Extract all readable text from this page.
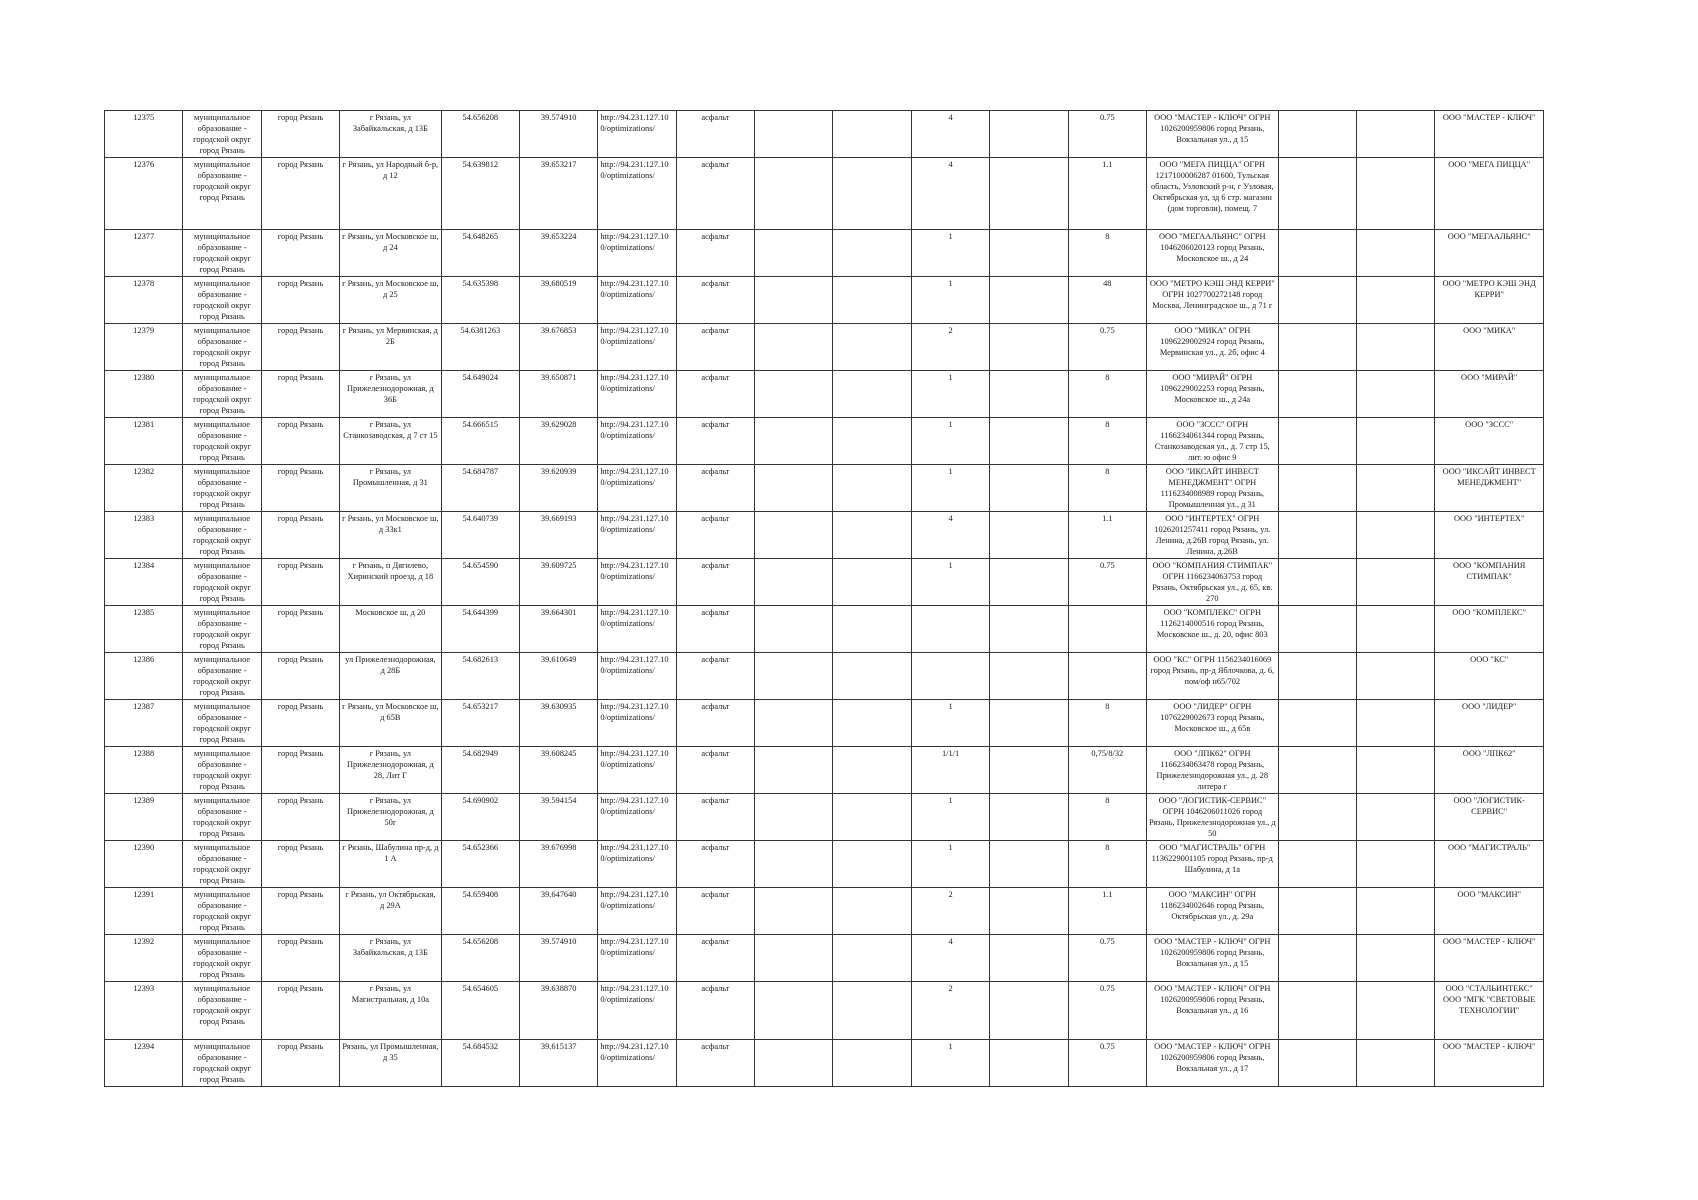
12375	муниципальное образование - городской округ город Рязань	город Рязань	г Рязань, ул Забайкальская, д 13Б	54.656208	39.574910	http://94.231.127.10 0/optimizations/	асфальт			4		0.75	ООО "МАСТЕР - КЛЮЧ" ОГРН 1026200959806 город Рязань, Вокзальная ул., д 15			ООО "МАСТЕР - КЛЮЧ"
12376	муниципальное образование - городской округ город Рязань	город Рязань	г Рязань, ул Народный б-р, д 12	54.639812	39.653217	http://94.231.127.10 0/optimizations/	асфальт			4		1.1	ООО "МЕГА ПИЦЦА" ОГРН 1217100006287 01600, Тульская область, Узловский р-н, г Узловая, Октябрьская ул, зд 6 стр. магазин (дом торговли), помещ. 7			ООО "МЕГА ПИЦЦА"
12377	муниципальное образование - городской округ город Рязань	город Рязань	г Рязань, ул Московское ш, д 24	54.648265	39.653224	http://94.231.127.10 0/optimizations/	асфальт			1		8	ООО "МЕГААЛЬЯНС" ОГРН 1046206020123 город Рязань, Московское ш., д 24			ООО "МЕГААЛЬЯНС"
12378	муниципальное образование - городской округ город Рязань	город Рязань	г Рязань, ул Московское ш, д 25	54.635398	39.680519	http://94.231.127.10 0/optimizations/	асфальт			1		48	ООО "МЕТРО КЭШ ЭНД КЕРРИ" ОГРН 1027700272148 город Москва, Ленинградское ш., д 71 г			ООО "МЕТРО КЭШ ЭНД КЕРРИ"
12379	муниципальное образование - городской округ город Рязань	город Рязань	г Рязань, ул Мервинская, д 2Б	54.6381263	39.676853	http://94.231.127.10 0/optimizations/	асфальт			2		0.75	ООО "МИКА" ОГРН 1096229002924 город Рязань, Мервинская ул., д. 2б, офис 4			ООО "МИКА"
12380	муниципальное образование - городской округ город Рязань	город Рязань	г Рязань, ул Прижелезнодорожная, д 36Б	54.649024	39.650871	http://94.231.127.10 0/optimizations/	асфальт			1		8	ООО "МИРАЙ" ОГРН 1096229002253 город Рязань, Московское ш., д 24а			ООО "МИРАЙ"
12381	муниципальное образование - городской округ город Рязань	город Рязань	г Рязань, ул Станкозаводская, д 7 ст 15	54.666515	39.629028	http://94.231.127.10 0/optimizations/	асфальт			1		8	ООО "ЗССС" ОГРН 1166234061344 город Рязань, Станкозаводская ул., д. 7 стр 15, лит. ю офис 9			ООО "ЗССС"
12382	муниципальное образование - городской округ город Рязань	город Рязань	г Рязань, ул Промышленная, д 31	54.684787	39.620939	http://94.231.127.10 0/optimizations/	асфальт			1		8	ООО "ИКСАЙТ ИНВЕСТ МЕНЕДЖМЕНТ" ОГРН 1116234008989 город Рязань, Промышленная ул., д 31			ООО "ИКСАЙТ ИНВЕСТ МЕНЕДЖМЕНТ"
12383	муниципальное образование - городской округ город Рязань	город Рязань	г Рязань, ул Московское ш, д 33к1	54.640739	39.669193	http://94.231.127.10 0/optimizations/	асфальт			4		1.1	ООО "ИНТЕРТЕХ" ОГРН 1026201257411 город Рязань, ул. Ленина, д.26В город Рязань, ул. Ленина, д.26В			ООО "ИНТЕРТЕХ"
12384	муниципальное образование - городской округ город Рязань	город Рязань	г Рязань, п Дягилево, Хиринский проезд, д 18	54.654590	39.609725	http://94.231.127.10 0/optimizations/	асфальт			1		0.75	ООО "КОМПАНИЯ СТИМПАК" ОГРН 1166234063753 город Рязань, Октябрьская ул., д. 65, кв. 270			ООО "КОМПАНИЯ СТИМПАК"
12385	муниципальное образование - городской округ город Рязань	город Рязань	Московское ш, д 20	54.644399	39.664301	http://94.231.127.10 0/optimizations/	асфальт						ООО "КОМПЛЕКС" ОГРН 1126214000516 город Рязань, Московское ш., д. 20, офис 803			ООО "КОМПЛЕКС"
12386	муниципальное образование - городской округ город Рязань	город Рязань	ул Прижелезнодорожная, д 28Б	54.682613	39.610649	http://94.231.127.10 0/optimizations/	асфальт						ООО "КС" ОГРН 1156234016069 город Рязань, пр-д Яблочкова, д. 6, пом/оф н65/702			ООО "КС"
12387	муниципальное образование - городской округ город Рязань	город Рязань	г Рязань, ул Московское ш, д 65В	54.653217	39.630935	http://94.231.127.10 0/optimizations/	асфальт			1		8	ООО "ЛИДЕР" ОГРН 1076229002673 город Рязань, Московское ш., д 65в			ООО "ЛИДЕР"
12388	муниципальное образование - городской округ город Рязань	город Рязань	г Рязань, ул Прижелезнодорожная, д 28, Лит Г	54.682949	39.608245	http://94.231.127.10 0/optimizations/	асфальт			1/1/1		0,75/8/32	ООО "ЛПК62" ОГРН 1166234063478 город Рязань, Прижелезнодорожная ул., д. 28 литера г			ООО "ЛПК62"
12389	муниципальное образование - городской округ город Рязань	город Рязань	г Рязань, ул Прижелезнодорожная, д 50г	54.690902	39.594154	http://94.231.127.10 0/optimizations/	асфальт			1		8	ООО "ЛОГИСТИК-СЕРВИС" ОГРН 1046206011026 город Рязань, Прижелезнодорожная ул., д 50			ООО "ЛОГИСТИК-СЕРВИС"
12390	муниципальное образование - городской округ город Рязань	город Рязань	г Рязань, Шабулина пр-д, д 1 А	54.652366	39.676998	http://94.231.127.10 0/optimizations/	асфальт			1		8	ООО "МАГИСТРАЛЬ" ОГРН 1136229001105 город Рязань, пр-д Шабулина, д 1а			ООО "МАГИСТРАЛЬ"
12391	муниципальное образование - городской округ город Рязань	город Рязань	г Рязань, ул Октябрьская, д 29А	54.659408	39.647640	http://94.231.127.10 0/optimizations/	асфальт			2		1.1	ООО "МАКСИН" ОГРН 1186234002646 город Рязань, Октябрьская ул., д. 29а			ООО "МАКСИН"
12392	муниципальное образование - городской округ город Рязань	город Рязань	г Рязань, ул Забайкальская, д 13Б	54.656208	39.574910	http://94.231.127.10 0/optimizations/	асфальт			4		0.75	ООО "МАСТЕР - КЛЮЧ" ОГРН 1026200959806 город Рязань, Вокзальная ул., д 15			ООО "МАСТЕР - КЛЮЧ"
12393	муниципальное образование - городской округ город Рязань	город Рязань	г Рязань, ул Магистральная, д 10а	54.654605	39.638870	http://94.231.127.10 0/optimizations/	асфальт			2		0.75	ООО "МАСТЕР - КЛЮЧ" ОГРН 1026200959806 город Рязань, Вокзальная ул., д 16			ООО "СТАЛЬИНТЕКС" ООО "МГК "СВЕТОВЫЕ ТЕХНОЛОГИИ"
12394	муниципальное образование - городской округ город Рязань	город Рязань	Рязань, ул Промышленная, д 35	54.684532	39.615137	http://94.231.127.10 0/optimizations/	асфальт			1		0.75	ООО "МАСТЕР - КЛЮЧ" ОГРН 1026200959806 город Рязань, Вокзальная ул., д 17			ООО "МАСТЕР - КЛЮЧ"
